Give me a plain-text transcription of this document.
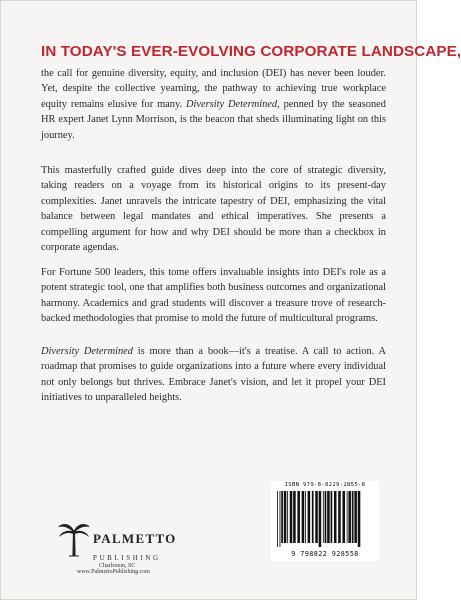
IN TODAY'S EVER-EVOLVING CORPORATE LANDSCAPE,

the call for genuine diversity, equity, and inclusion (DEI) has never been louder. Yet, despite the collective yearning, the pathway to achieving true workplace equity remains elusive for many. Diversity Determined, penned by the seasoned HR expert Janet Lynn Morrison, is the beacon that sheds illuminating light on this journey.

This masterfully crafted guide dives deep into the core of strategic diversity, taking readers on a voyage from its historical origins to its present-day complexities. Janet unravels the intricate tapestry of DEI, emphasizing the vital balance between legal mandates and ethical imperatives. She presents a compelling argument for how and why DEI should be more than a checkbox in corporate agendas.

For Fortune 500 leaders, this tome offers invaluable insights into DEI's role as a potent strategic tool, one that amplifies both business outcomes and organizational harmony. Academics and grad students will discover a treasure trove of research-backed methodologies that promise to mold the future of multicultural programs.

Diversity Determined is more than a book—it's a treatise. A call to action. A roadmap that promises to guide organizations into a future where every individual not only belongs but thrives. Embrace Janet's vision, and let it propel your DEI initiatives to unparalleled heights.

PALMETTO
PUBLISHING
Charleston, SC
www.PalmettoPublishing.com
ISBN 979-8-8229-2855-8
9 798822 928558
